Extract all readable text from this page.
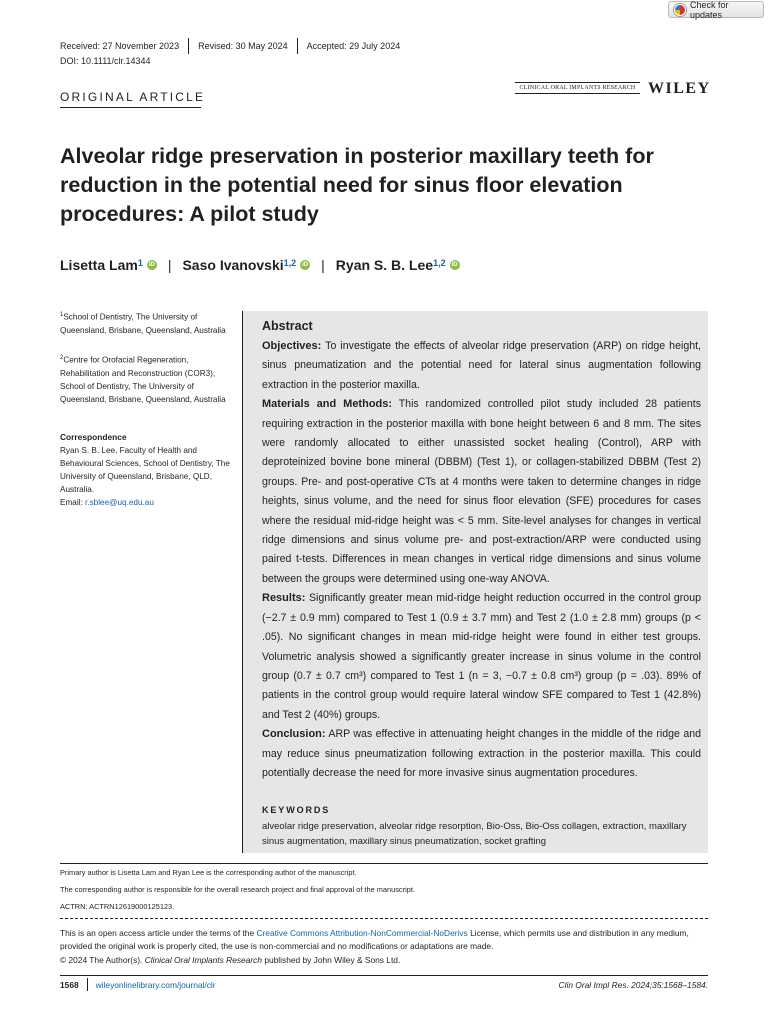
Check for updates
Received: 27 November 2023 Revised: 30 May 2024 Accepted: 29 July 2024
DOI: 10.1111/clr.14344
ORIGINAL ARTICLE
CLINICAL ORAL IMPLANTS RESEARCH WILEY
Alveolar ridge preservation in posterior maxillary teeth for reduction in the potential need for sinus floor elevation procedures: A pilot study
Lisetta Lam$^1$	iD | Saso Ivanovski$^{1,2}$	iD | Ryan S. B. Lee$^{1,2}$	iD
$^1$School of Dentistry, The University of Queensland, Brisbane, Queensland, Australia
$^2$Centre for Orofacial Regeneration, Rehabilitation and Reconstruction (COR3), School of Dentistry, The University of Queensland, Brisbane, Queensland, Australia
Correspondence
Ryan S. B. Lee, Faculty of Health and Behavioural Sciences, School of Dentistry, The University of Queensland, Brisbane, QLD, Australia.
Email: r.sblee@uq.edu.au
Abstract

Objectives: To investigate the effects of alveolar ridge preservation (ARP) on ridge height, sinus pneumatization and the potential need for lateral sinus augmentation following extraction in the posterior maxilla.

Materials and Methods: This randomized controlled pilot study included 28 patients requiring extraction in the posterior maxilla with bone height between 6 and 8 mm. The sites were randomly allocated to either unassisted socket healing (Control), ARP with deproteinized bovine bone mineral (DBBM) (Test 1), or collagen-stabilized DBBM (Test 2) groups. Pre- and post-operative CTs at 4 months were taken to determine changes in ridge heights, sinus volume, and the need for sinus floor elevation (SFE) procedures for cases where the residual mid-ridge height was < 5 mm. Site-level analyses for changes in vertical ridge dimensions and sinus volume pre- and post-extraction/ARP were conducted using paired t-tests. Differences in mean changes in vertical ridge dimensions and sinus volume between the groups were determined using one-way ANOVA.

Results: Significantly greater mean mid-ridge height reduction occurred in the control group (−2.7 ± 0.9 mm) compared to Test 1 (0.9 ± 3.7 mm) and Test 2 (1.0 ± 2.8 mm) groups (p < .05). No significant changes in mean mid-ridge height were found in either test groups. Volumetric analysis showed a significantly greater increase in sinus volume in the control group (0.7 ± 0.7 cm³) compared to Test 1 (n = 3, −0.7 ± 0.8 cm³) group (p = .03). 89% of patients in the control group would require lateral window SFE compared to Test 1 (42.8%) and Test 2 (40%) groups.

Conclusion: ARP was effective in attenuating height changes in the middle of the ridge and may reduce sinus pneumatization following extraction in the posterior maxilla. This could potentially decrease the need for more invasive sinus augmentation procedures.

KEYWORDS
alveolar ridge preservation, alveolar ridge resorption, Bio-Oss, Bio-Oss collagen, extraction, maxillary sinus augmentation, maxillary sinus pneumatization, socket grafting
Primary author is Lisetta Lam and Ryan Lee is the corresponding author of the manuscript.
The corresponding author is responsible for the overall research project and final approval of the manuscript.
ACTRN: ACTRN12619000125123.
This is an open access article under the terms of the Creative Commons Attribution-NonCommercial-NoDerivs License, which permits use and distribution in any medium, provided the original work is properly cited, the use is non-commercial and no modifications or adaptations are made.
© 2024 The Author(s). Clinical Oral Implants Research published by John Wiley & Sons Ltd.
1568 wileyonlinelibrary.com/journal/clr	Clin Oral Impl Res. 2024;35:1568–1584.
